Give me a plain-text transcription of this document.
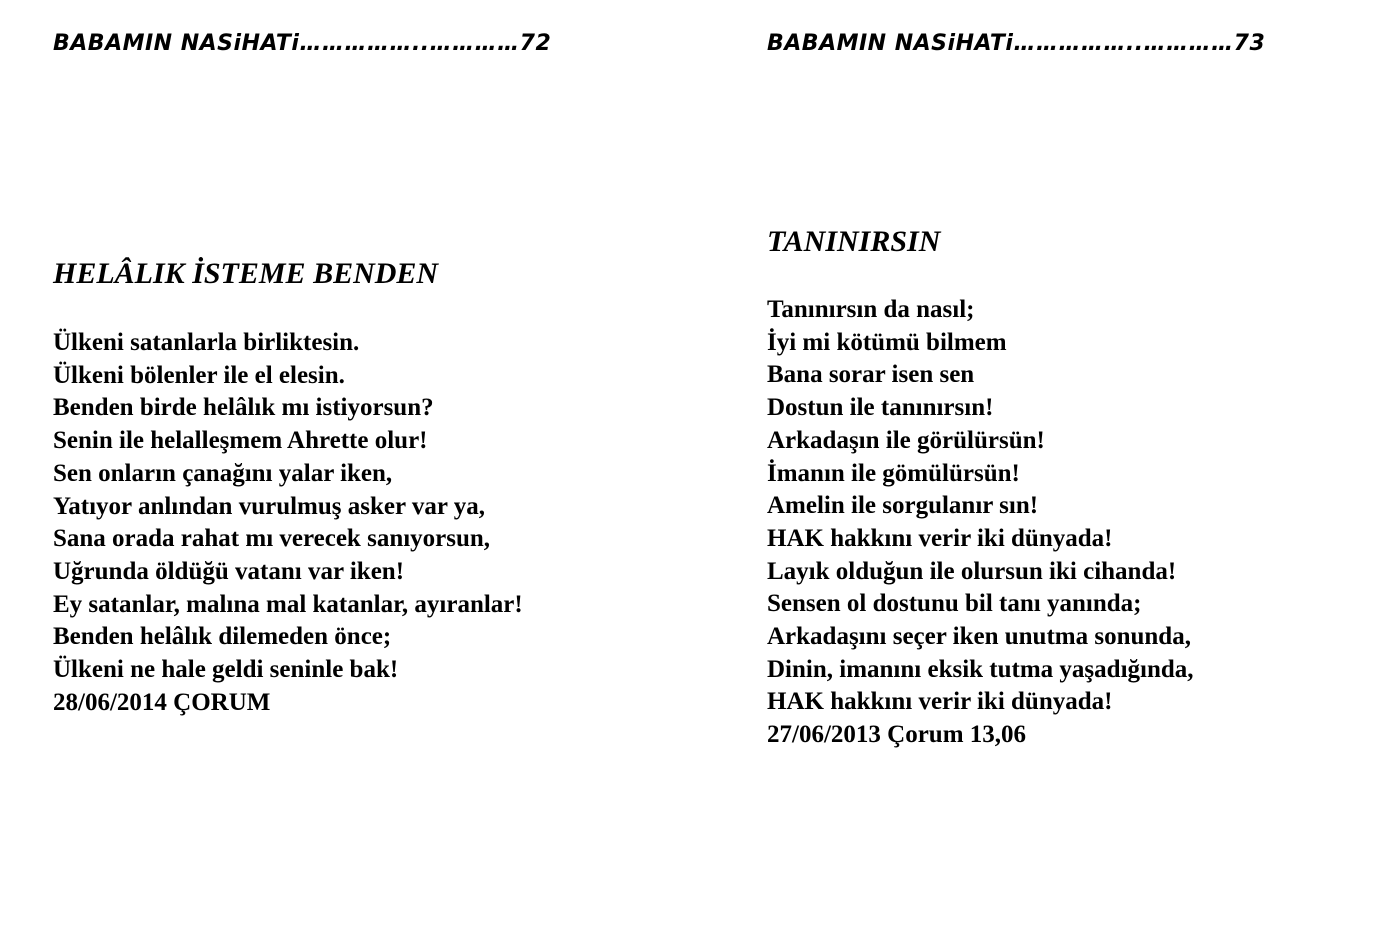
BABAMIN NASiHATi……………..…………72
HELÂLIK İSTEME BENDEN
Ülkeni satanlarla birliktesin.
Ülkeni bölenler ile el elesin.
Benden birde helâlık mı istiyorsun?
Senin ile helalleşmem Ahrette olur!
Sen onların çanağını yalar iken,
Yatıyor anlından vurulmuş asker var ya,
Sana orada rahat mı verecek sanıyorsun,
Uğrunda öldüğü vatanı var iken!
Ey satanlar, malına mal katanlar, ayıranlar!
Benden helâlık dilemeden önce;
Ülkeni ne hale geldi seninle bak!
28/06/2014 ÇORUM
BABAMIN NASiHATi……………..…………73
TANINIRSIN
Tanınırsın da nasıl;
İyi mi kötümü bilmem
Bana sorar isen sen
Dostun ile tanınırsın!
Arkadaşın ile görülürsün!
İmanın ile gömülürsün!
Amelin ile sorgulanır sın!
HAK hakkını verir iki dünyada!
Layık olduğun ile olursun iki cihanda!
Sensen ol dostunu bil tanı yanında;
Arkadaşını seçer iken unutma sonunda,
Dinin, imanını eksik tutma yaşadığında,
HAK hakkını verir iki dünyada!
27/06/2013 Çorum 13,06
